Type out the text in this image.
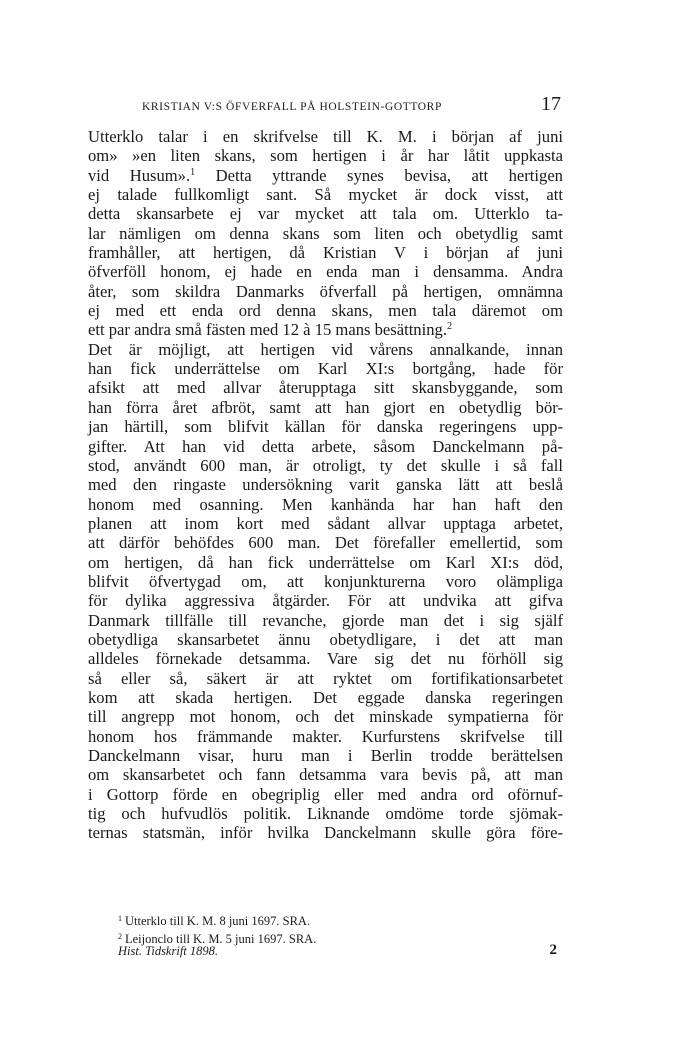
KRISTIAN V:S ÖFVERFALL PÅ HOLSTEIN-GOTTORP	17
Utterklo talar i en skrifvelse till K. M. i början af juni
om» »en liten skans, som hertigen i år har låtit uppkasta
vid Husum».$^1$ Detta yttrande synes bevisa, att hertigen
ej talade fullkomligt sant. Så mycket är dock visst, att
detta skansarbete ej var mycket att tala om. Utterklo ta-
lar nämligen om denna skans som liten och obetydlig samt
framhåller, att hertigen, då Kristian V i början af juni
öfverföll honom, ej hade en enda man i densamma. Andra
åter, som skildra Danmarks öfverfall på hertigen, omnämna
ej med ett enda ord denna skans, men tala däremot om
ett par andra små fästen med 12 à 15 mans besättning.$^2$
Det är möjligt, att hertigen vid vårens annalkande, innan
han fick underrättelse om Karl XI:s bortgång, hade för
afsikt att med allvar återupptaga sitt skansbyggande, som
han förra året afbröt, samt att han gjort en obetydlig bör-
jan härtill, som blifvit källan för danska regeringens upp-
gifter. Att han vid detta arbete, såsom Danckelmann på-
stod, användt 600 man, är otroligt, ty det skulle i så fall
med den ringaste undersökning varit ganska lätt att beslå
honom med osanning. Men kanhända har han haft den
planen att inom kort med sådant allvar upptaga arbetet,
att därför behöfdes 600 man. Det förefaller emellertid, som
om hertigen, då han fick underrättelse om Karl XI:s död,
blifvit öfvertygad om, att konjunkturerna voro olämpliga
för dylika aggressiva åtgärder. För att undvika att gifva
Danmark tillfälle till revanche, gjorde man det i sig själf
obetydliga skansarbetet ännu obetydligare, i det att man
alldeles förnekade detsamma. Vare sig det nu förhöll sig
så eller så, säkert är att ryktet om fortifikationsarbetet
kom att skada hertigen. Det eggade danska regeringen
till angrepp mot honom, och det minskade sympatierna för
honom hos främmande makter. Kurfurstens skrifvelse till
Danckelmann visar, huru man i Berlin trodde berättelsen
om skansarbetet och fann detsamma vara bevis på, att man
i Gottorp förde en obegriplig eller med andra ord oförnuf-
tig och hufvudlös politik. Liknande omdöme torde sjömak-
ternas statsmän, inför hvilka Danckelmann skulle göra före-
$^1$ Utterklo till K. M. 8 juni 1697. SRA.
$^2$ Leijonclo till K. M. 5 juni 1697. SRA.
Hist. Tidskrift 1898.	2
